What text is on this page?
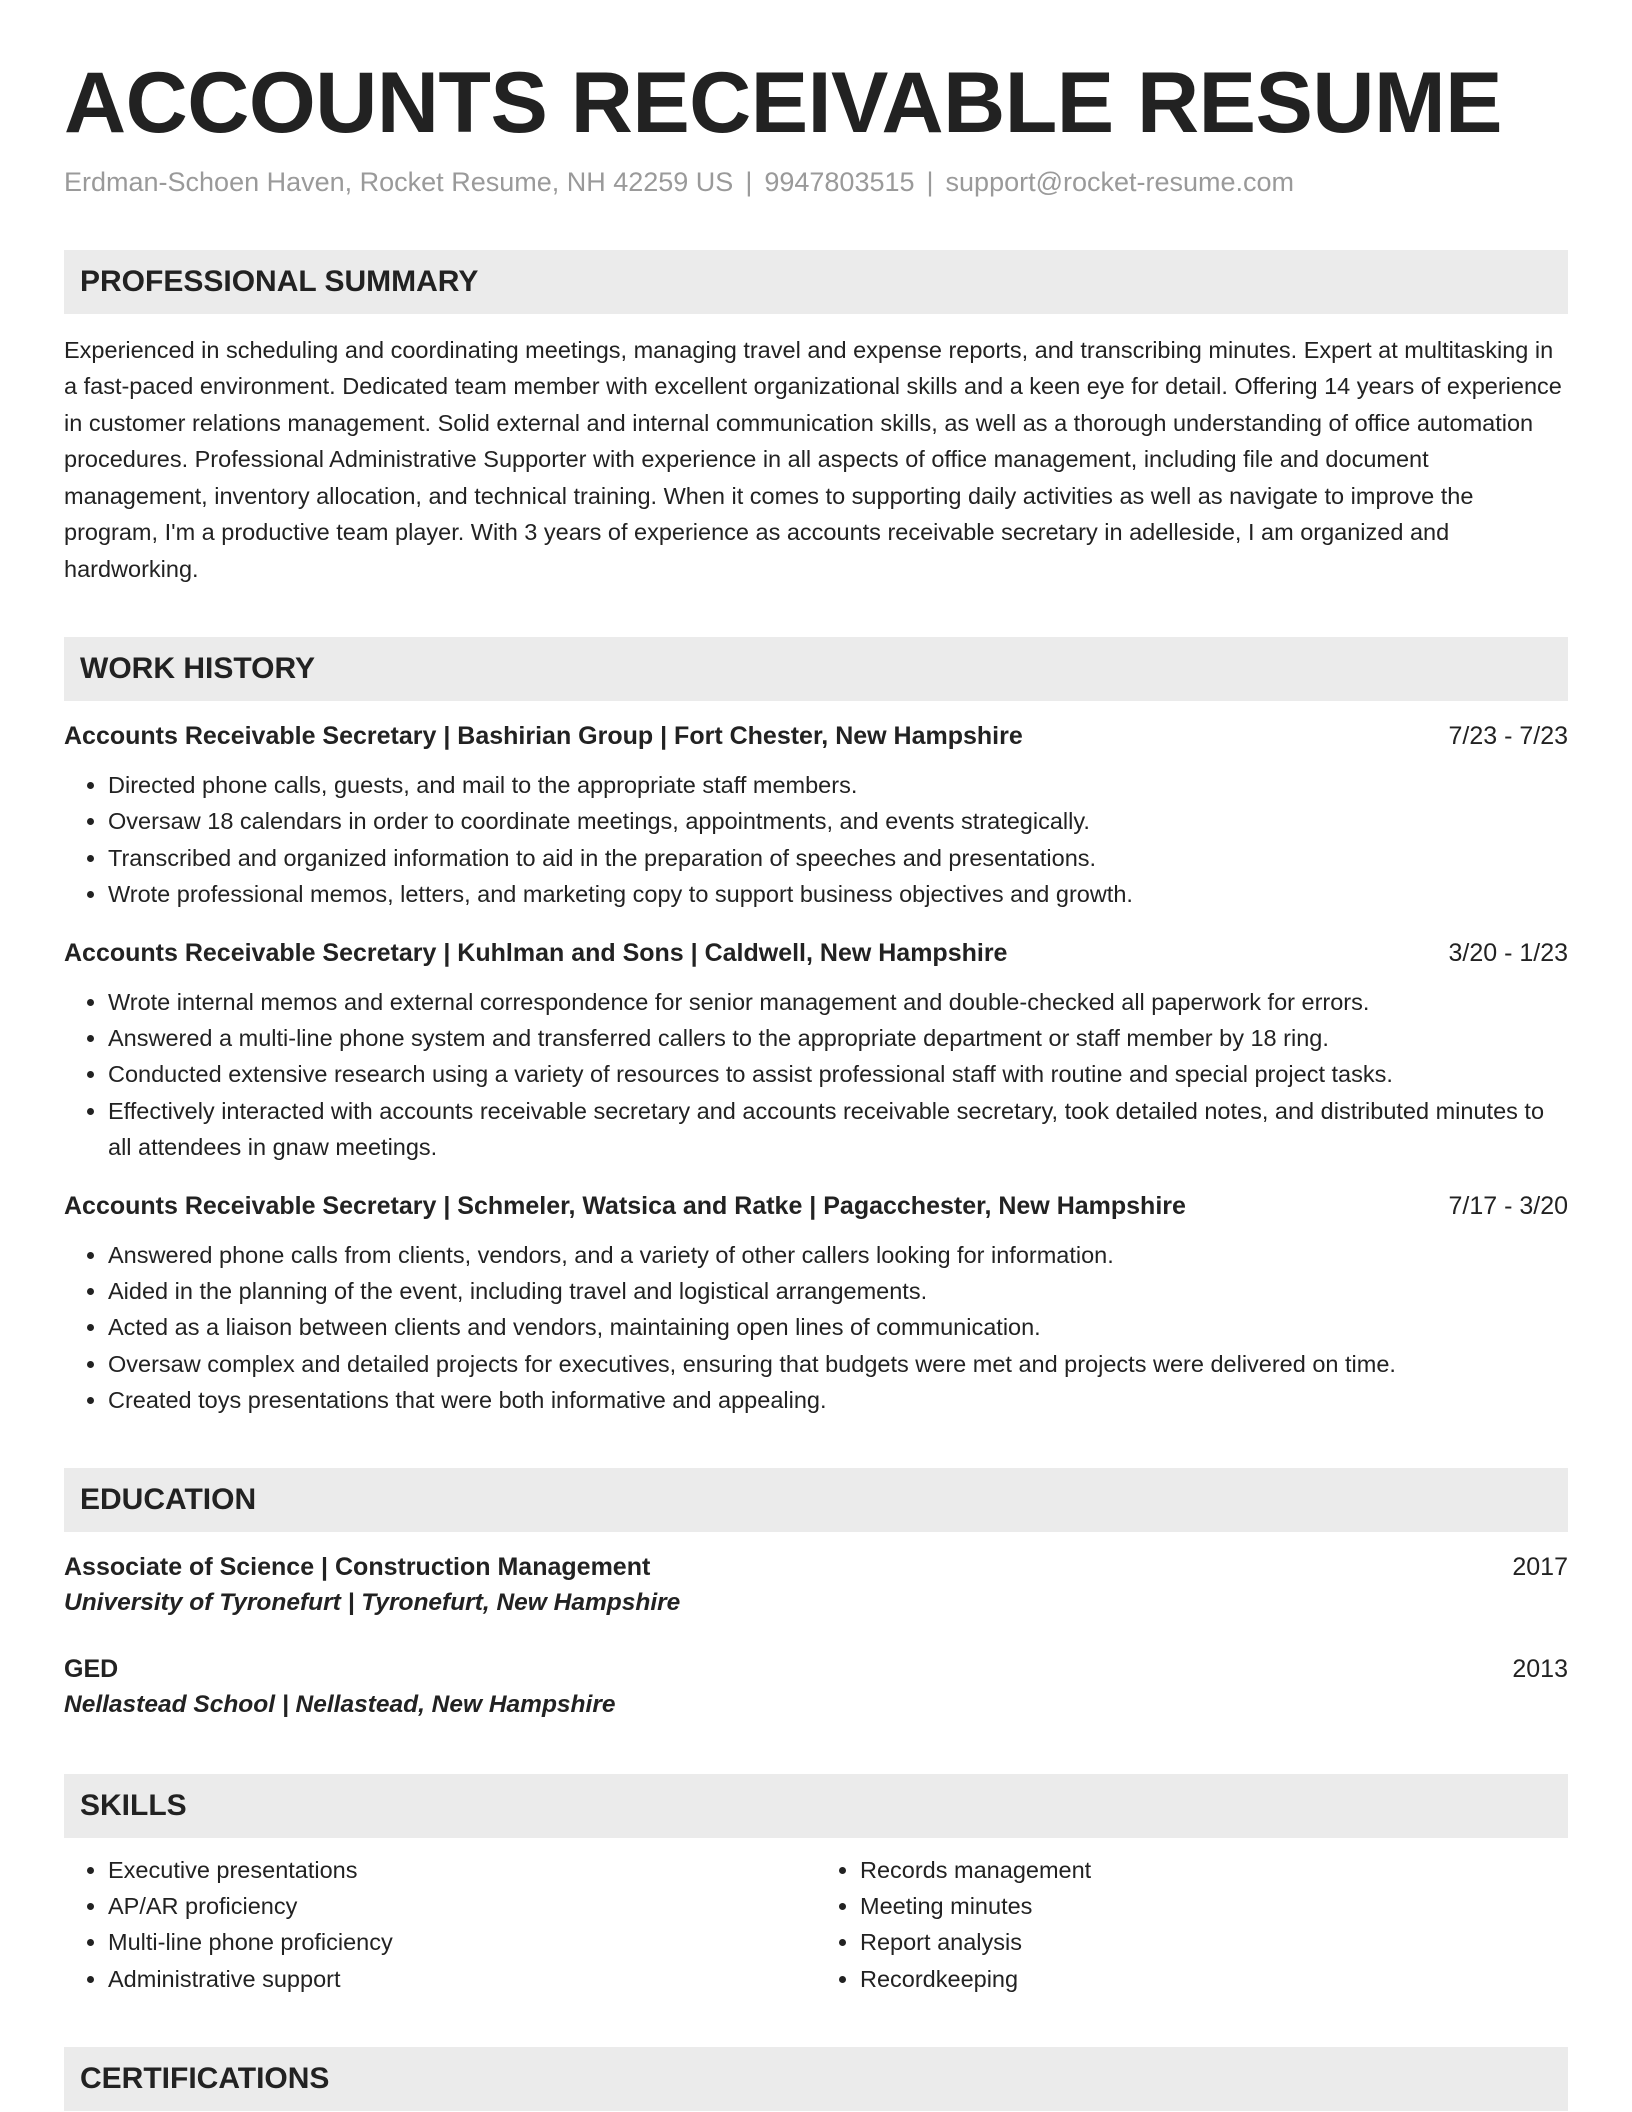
ACCOUNTS RECEIVABLE RESUME
Erdman-Schoen Haven, Rocket Resume, NH 42259 US | 9947803515 | support@rocket-resume.com
PROFESSIONAL SUMMARY
Experienced in scheduling and coordinating meetings, managing travel and expense reports, and transcribing minutes. Expert at multitasking in a fast-paced environment. Dedicated team member with excellent organizational skills and a keen eye for detail. Offering 14 years of experience in customer relations management. Solid external and internal communication skills, as well as a thorough understanding of office automation procedures. Professional Administrative Supporter with experience in all aspects of office management, including file and document management, inventory allocation, and technical training. When it comes to supporting daily activities as well as navigate to improve the program, I'm a productive team player. With 3 years of experience as accounts receivable secretary in adelleside, I am organized and hardworking.
WORK HISTORY
Accounts Receivable Secretary | Bashirian Group | Fort Chester, New Hampshire	7/23 - 7/23
• Directed phone calls, guests, and mail to the appropriate staff members.
• Oversaw 18 calendars in order to coordinate meetings, appointments, and events strategically.
• Transcribed and organized information to aid in the preparation of speeches and presentations.
• Wrote professional memos, letters, and marketing copy to support business objectives and growth.
Accounts Receivable Secretary | Kuhlman and Sons | Caldwell, New Hampshire	3/20 - 1/23
• Wrote internal memos and external correspondence for senior management and double-checked all paperwork for errors.
• Answered a multi-line phone system and transferred callers to the appropriate department or staff member by 18 ring.
• Conducted extensive research using a variety of resources to assist professional staff with routine and special project tasks.
• Effectively interacted with accounts receivable secretary and accounts receivable secretary, took detailed notes, and distributed minutes to all attendees in gnaw meetings.
Accounts Receivable Secretary | Schmeler, Watsica and Ratke | Pagacchester, New Hampshire	7/17 - 3/20
• Answered phone calls from clients, vendors, and a variety of other callers looking for information.
• Aided in the planning of the event, including travel and logistical arrangements.
• Acted as a liaison between clients and vendors, maintaining open lines of communication.
• Oversaw complex and detailed projects for executives, ensuring that budgets were met and projects were delivered on time.
• Created toys presentations that were both informative and appealing.
EDUCATION
Associate of Science | Construction Management	2017
University of Tyronefurt | Tyronefurt, New Hampshire
GED	2013
Nellastead School | Nellastead, New Hampshire
SKILLS
• Executive presentations
• AP/AR proficiency
• Multi-line phone proficiency
• Administrative support
• Records management
• Meeting minutes
• Report analysis
• Recordkeeping
CERTIFICATIONS
